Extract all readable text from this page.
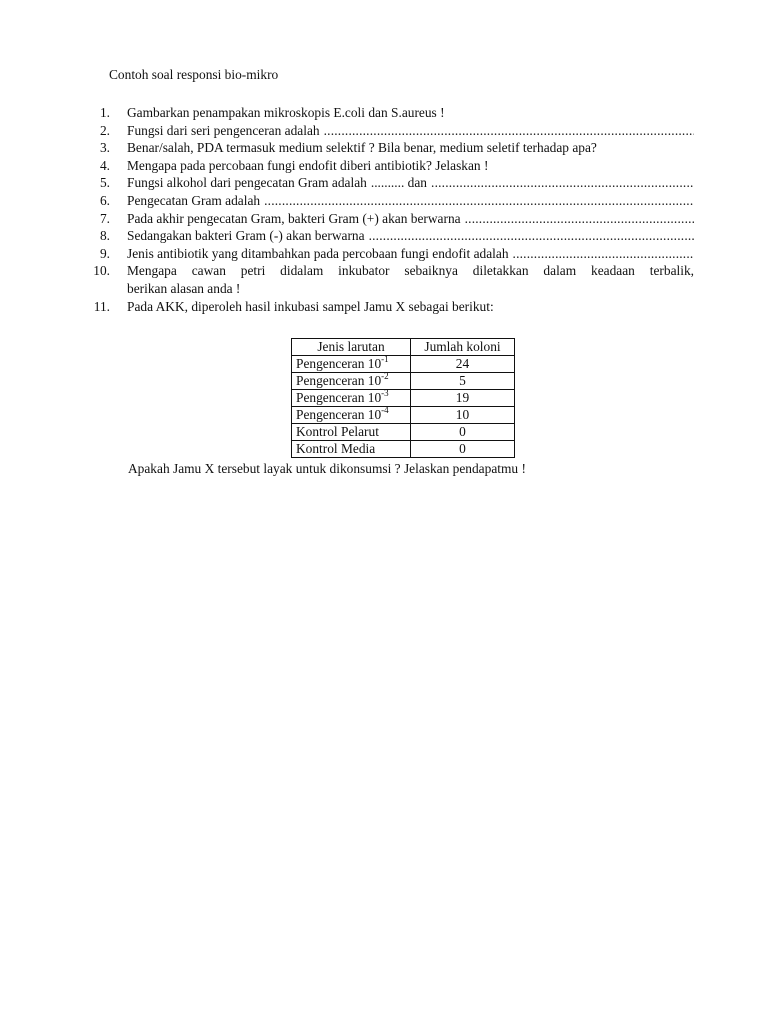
Contoh soal responsi bio-mikro
1. Gambarkan penampakan mikroskopis E.coli dan S.aureus !
2. Fungsi dari seri pengenceran adalah
.....
3. Benar/salah, PDA termasuk medium selektif ? Bila benar, medium seletif terhadap apa?
4. Mengapa pada percobaan fungi endofit diberi antibiotik? Jelaskan !
5. Fungsi alkohol dari pengecatan Gram adalah .......... dan
.....
6. Pengecatan Gram adalah
.....
7. Pada akhir pengecatan Gram, bakteri Gram (+) akan berwarna
.....
8. Sedangakan bakteri Gram (-) akan berwarna
.....
9. Jenis antibiotik yang ditambahkan pada percobaan fungi endofit adalah
.....
10. Mengapa cawan petri didalam inkubator sebaiknya diletakkan dalam keadaan terbalik,
berikan alasan anda !
11. Pada AKK, diperoleh hasil inkubasi sampel Jamu X sebagai berikut:
Jenis larutan	Jumlah koloni
Pengenceran $10^{-1}$	24
Pengenceran $10^{-2}$	5
Pengenceran $10^{-3}$	19
Pengenceran $10^{-4}$	10
Kontrol Pelarut	0
Kontrol Media	0
Apakah Jamu X tersebut layak untuk dikonsumsi ? Jelaskan pendapatmu !
